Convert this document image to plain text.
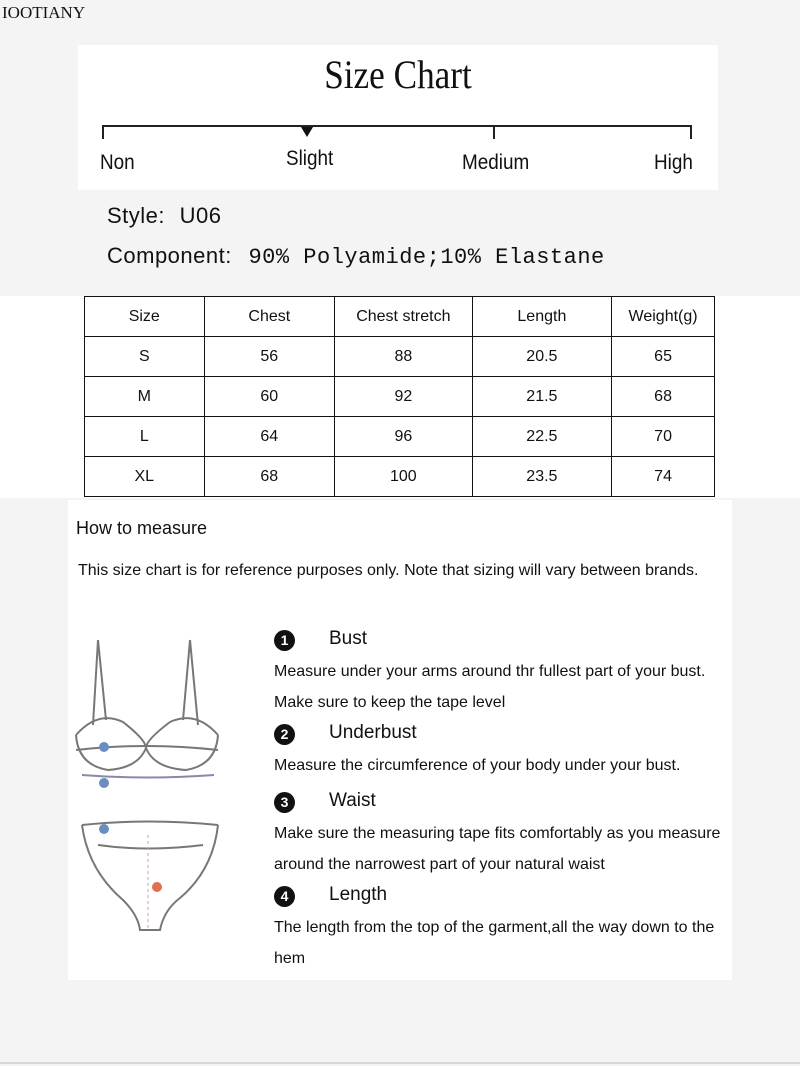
IOOTIANY
Size Chart
Non	Slight	Medium	High
Style: U06
Component: 90% Polyamide;10% Elastane
Size	Chest	Chest stretch	Length	Weight(g)
S	56	88	20.5	65
M	60	92	21.5	68
L	64	96	22.5	70
XL	68	100	23.5	74
How to measure
This size chart is for reference purposes only. Note that sizing will vary between brands.
1	Bust
Measure under your arms around thr fullest part of your bust. Make sure to keep the tape level
2	Underbust
Measure the circumference of your body under your bust.
3	Waist
Make sure the measuring tape fits comfortably as you measure around the narrowest part of your natural waist
4	Length
The length from the top of the garment,all the way down to the hem
